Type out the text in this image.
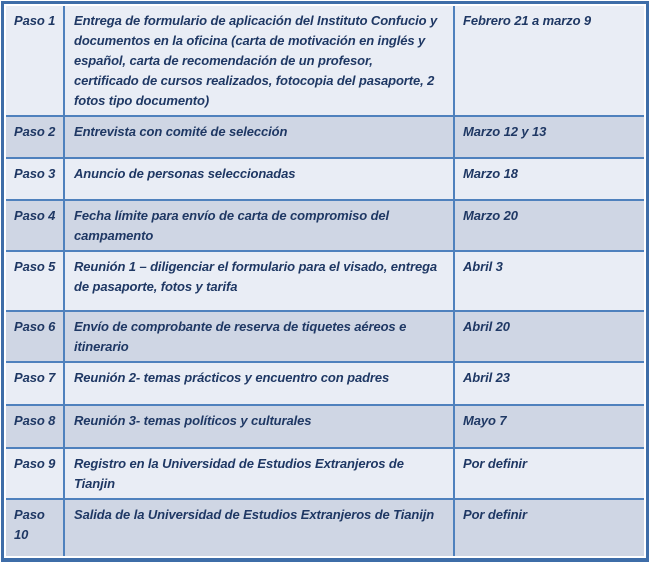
Paso 1	Entrega de formulario de aplicación del Instituto Confucio y documentos en la oficina (carta de motivación en inglés y español, carta de recomendación de un profesor, certificado de cursos realizados, fotocopia del pasaporte, 2 fotos tipo documento)	Febrero 21 a marzo 9
Paso 2	Entrevista con comité de selección	Marzo 12 y 13
Paso 3	Anuncio de personas seleccionadas	Marzo 18
Paso 4	Fecha límite para envío de carta de compromiso del campamento	Marzo 20
Paso 5	Reunión 1 – diligenciar el formulario para el visado, entrega de pasaporte, fotos y tarifa	Abril 3
Paso 6	Envío de comprobante de reserva de tiquetes aéreos e itinerario	Abril 20
Paso 7	Reunión 2- temas prácticos y encuentro con padres	Abril 23
Paso 8	Reunión 3- temas políticos y culturales	Mayo 7
Paso 9	Registro en la Universidad de Estudios Extranjeros de Tianjin	Por definir
Paso 10	Salida de la Universidad de Estudios Extranjeros de Tianijn	Por definir
